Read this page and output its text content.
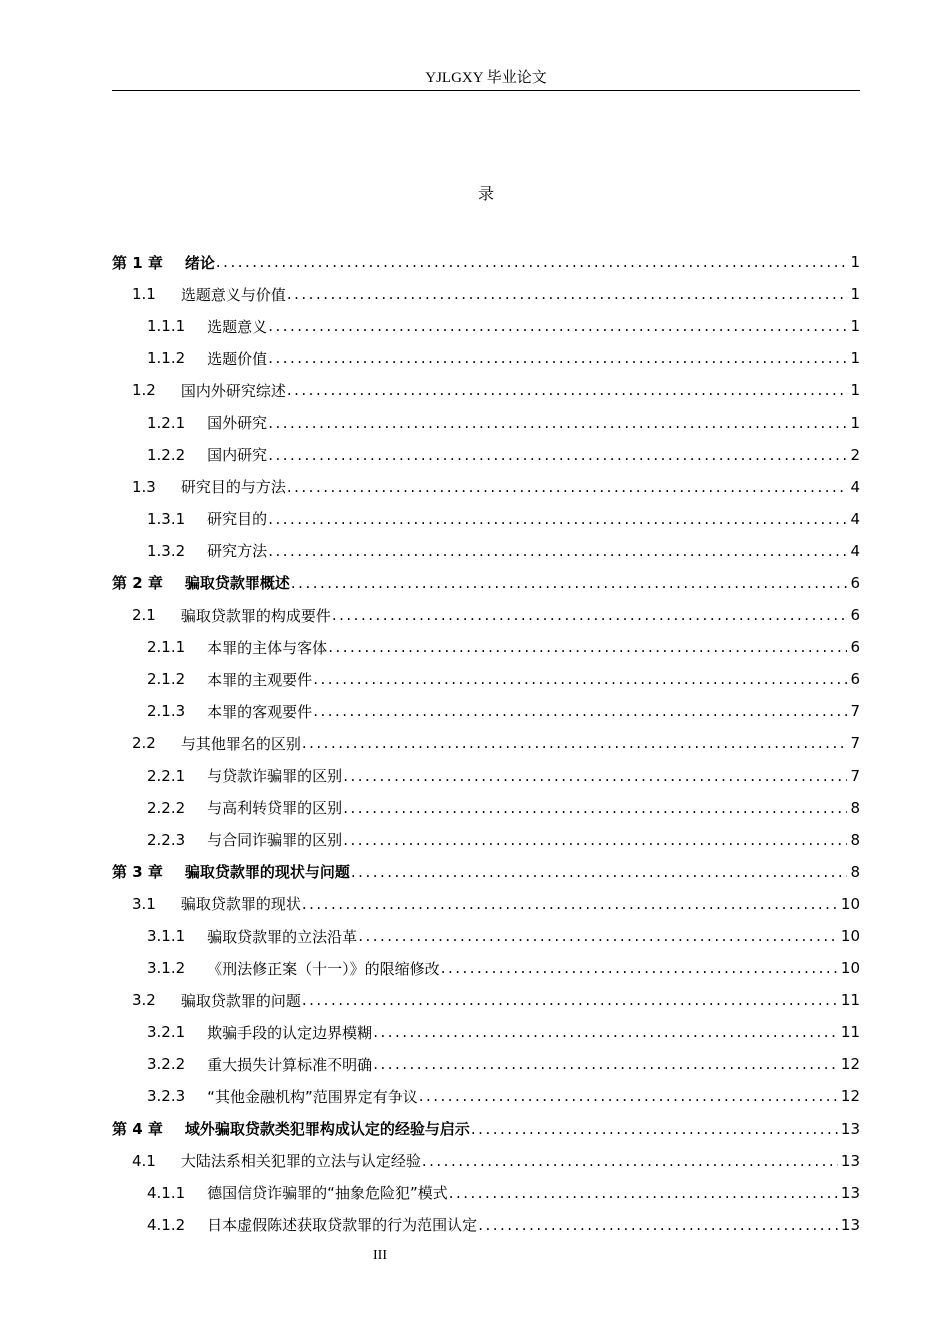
YJLGXY 毕业论文
录
第 1 章 绪论 .....	1
1.1 选题意义与价值 .....	1
1.1.1 选题意义 .....	1
1.1.2 选题价值 .....	1
1.2 国内外研究综述 .....	1
1.2.1 国外研究 .....	1
1.2.2 国内研究 .....	2
1.3 研究目的与方法 .....	4
1.3.1 研究目的 .....	4
1.3.2 研究方法 .....	4
第 2 章 骗取贷款罪概述 .....	6
2.1 骗取贷款罪的构成要件 .....	6
2.1.1 本罪的主体与客体 .....	6
2.1.2 本罪的主观要件 .....	6
2.1.3 本罪的客观要件 .....	7
2.2 与其他罪名的区别 .....	7
2.2.1 与贷款诈骗罪的区别 .....	7
2.2.2 与高利转贷罪的区别 .....	8
2.2.3 与合同诈骗罪的区别 .....	8
第 3 章 骗取贷款罪的现状与问题 .....	8
3.1 骗取贷款罪的现状 .....	10
3.1.1 骗取贷款罪的立法沿革 .....	10
3.1.2 《刑法修正案（十一）》的限缩修改 .....	10
3.2 骗取贷款罪的问题 .....	11
3.2.1 欺骗手段的认定边界模糊 .....	11
3.2.2 重大损失计算标准不明确 .....	12
3.2.3 “其他金融机构”范围界定有争议 .....	12
第 4 章 域外骗取贷款类犯罪构成认定的经验与启示 .....	13
4.1 大陆法系相关犯罪的立法与认定经验 .....	13
4.1.1 德国信贷诈骗罪的“抽象危险犯”模式 .....	13
4.1.2 日本虚假陈述获取贷款罪的行为范围认定 .....	13
III
